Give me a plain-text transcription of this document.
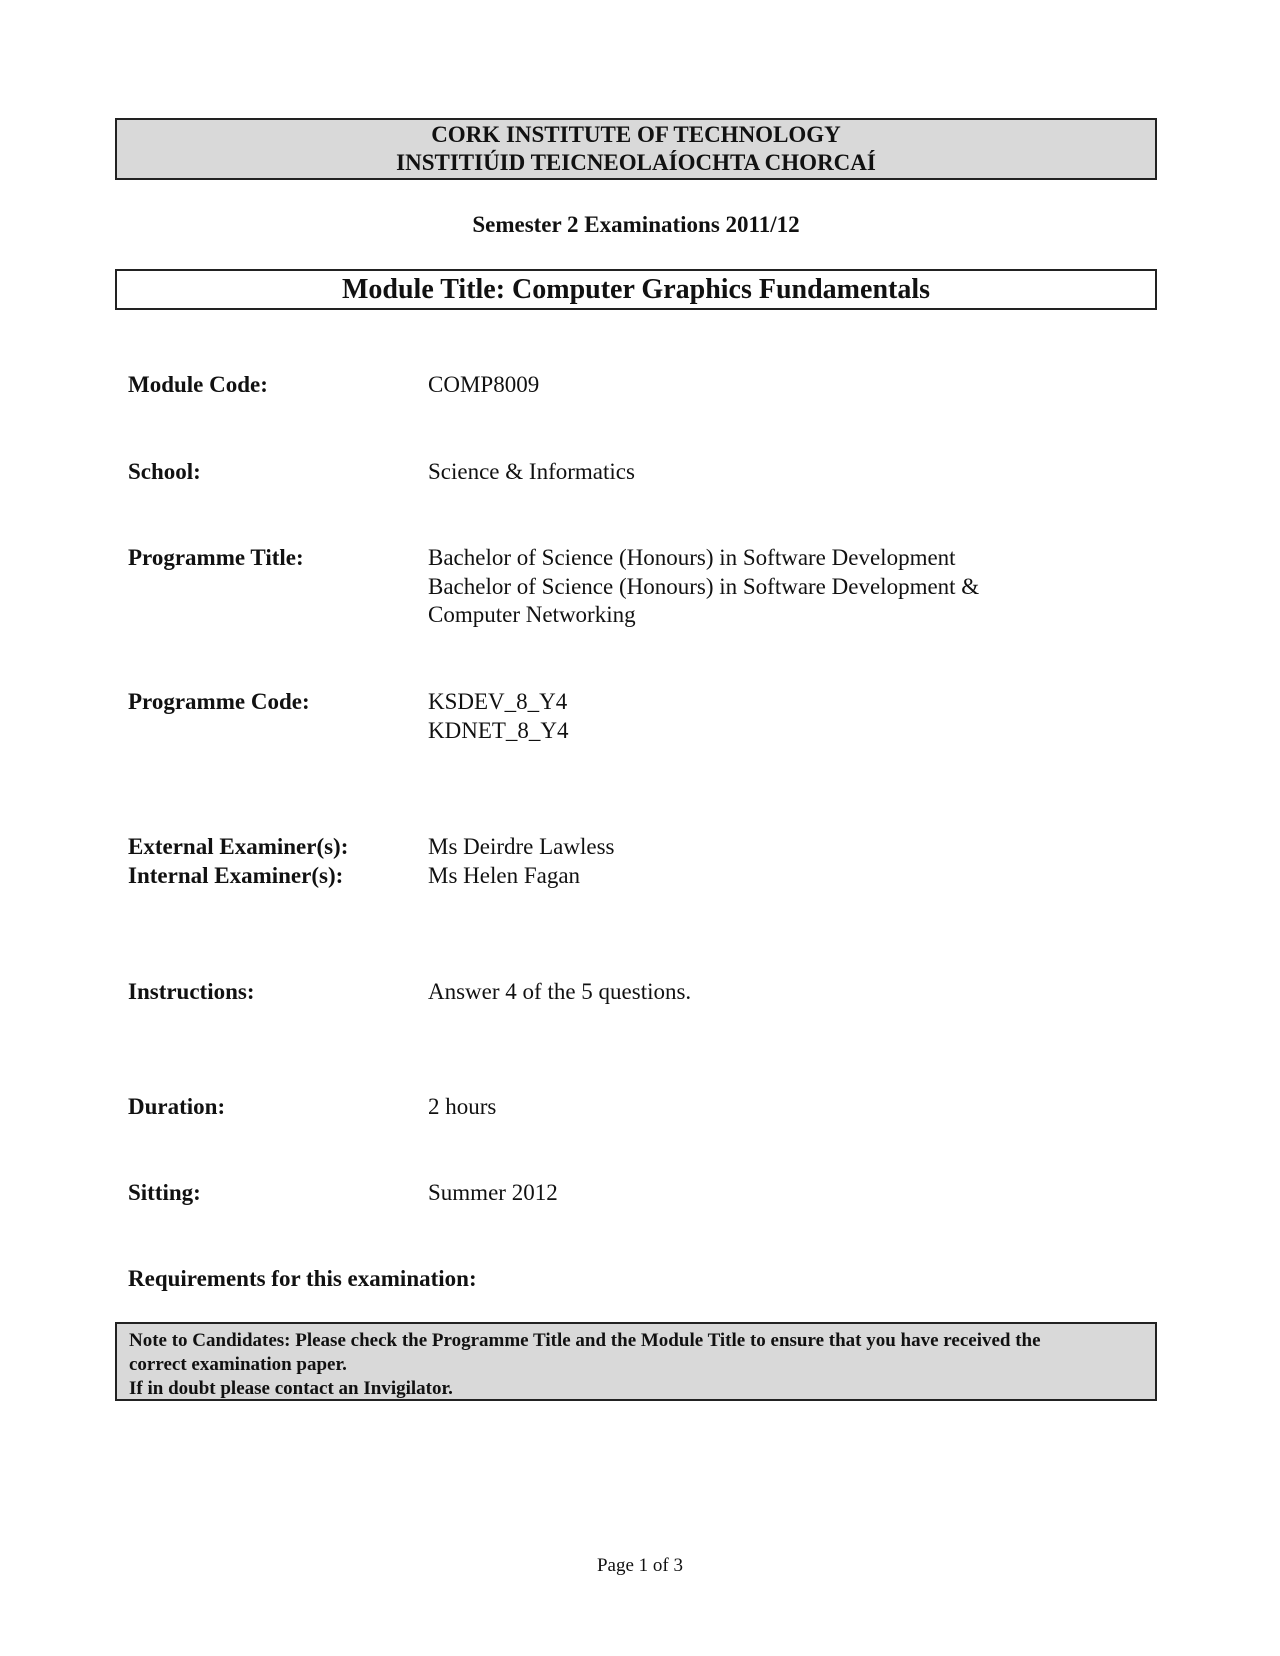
CORK INSTITUTE OF TECHNOLOGY
INSTITIÚID TEICNEOLAÍOCHTA CHORCAÍ
Semester 2 Examinations 2011/12
Module Title: Computer Graphics Fundamentals
Module Code:	COMP8009
School:	Science & Informatics
Programme Title:	Bachelor of Science (Honours) in Software Development
Bachelor of Science (Honours) in Software Development &
Computer Networking
Programme Code:	KSDEV_8_Y4
KDNET_8_Y4
External Examiner(s):	Ms Deirdre Lawless
Internal Examiner(s):	Ms Helen Fagan
Instructions:	Answer 4 of the 5 questions.
Duration:	2 hours
Sitting:	Summer 2012
Requirements for this examination:
Note to Candidates: Please check the Programme Title and the Module Title to ensure that you have received the
correct examination paper.
If in doubt please contact an Invigilator.
Page 1 of 3
